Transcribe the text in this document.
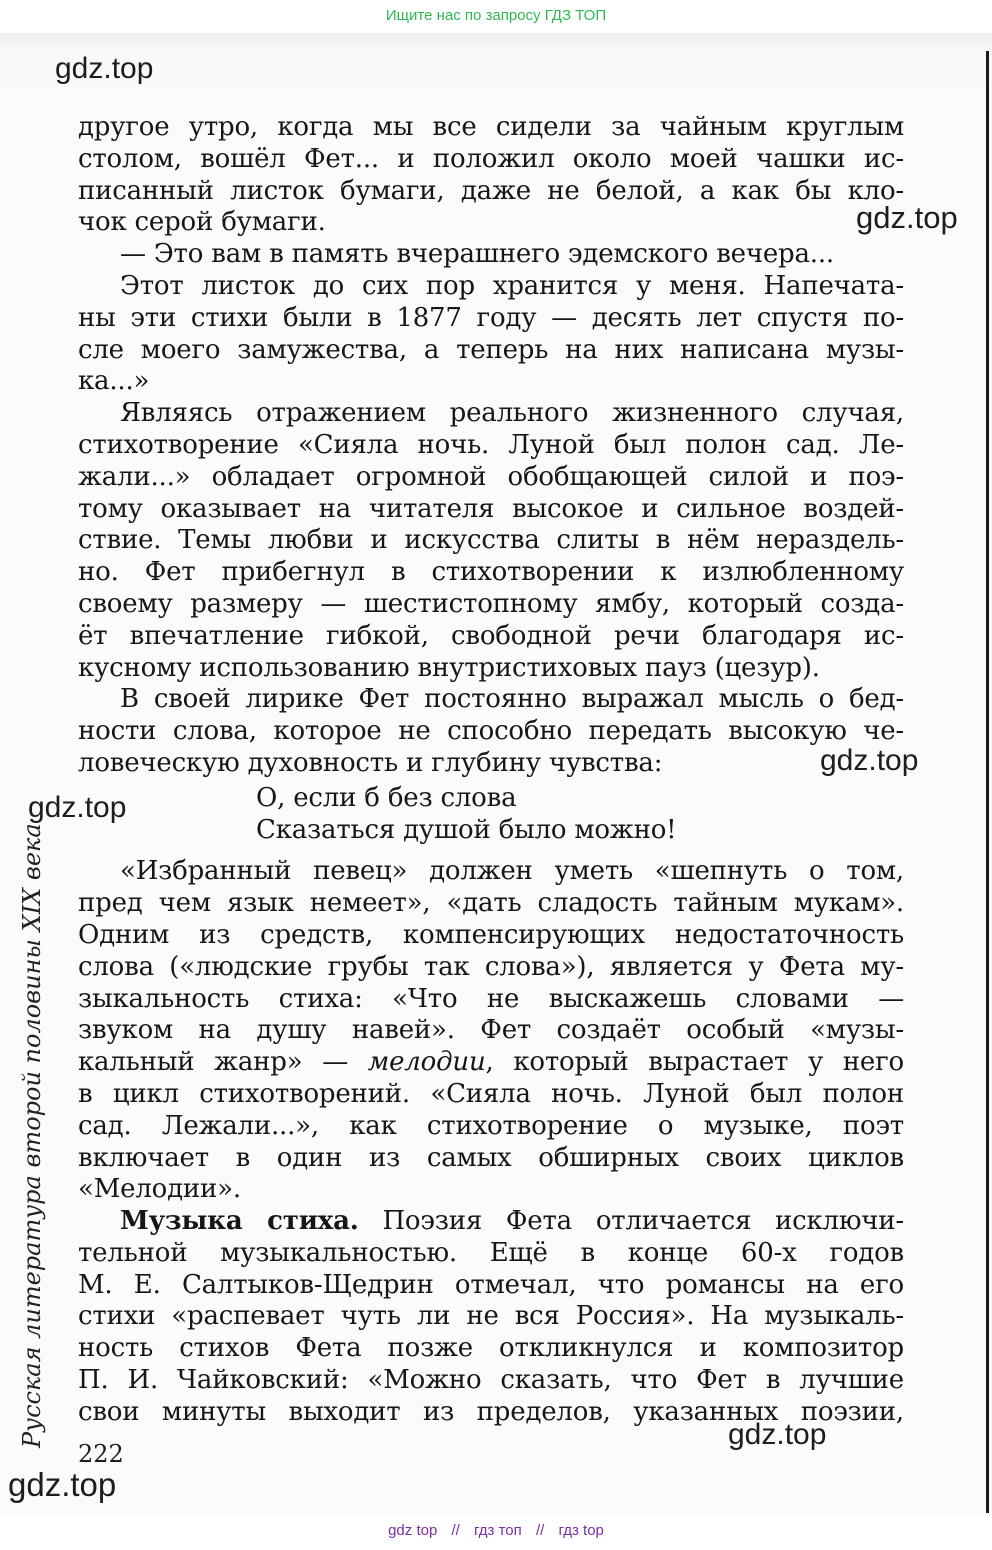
Ищите нас по запросу ГДЗ ТОП
gdz.top
gdz.top
gdz.top
gdz.top
gdz.top
gdz.top
другое утро, когда мы все сидели за чайным круглым
столом, вошёл Фет... и положил около моей чашки ис-
писанный листок бумаги, даже не белой, а как бы кло-
чок серой бумаги.
— Это вам в память вчерашнего эдемского вечера...
Этот листок до сих пор хранится у меня. Напечата-
ны эти стихи были в 1877 году — десять лет спустя по-
сле моего замужества, а теперь на них написана музы-
ка...»
Являясь отражением реального жизненного случая,
стихотворение «Сияла ночь. Луной был полон сад. Ле-
жали...» обладает огромной обобщающей силой и поэ-
тому оказывает на читателя высокое и сильное воздей-
ствие. Темы любви и искусства слиты в нём нераздель-
но. Фет прибегнул в стихотворении к излюбленному
своему размеру — шестистопному ямбу, который созда-
ёт впечатление гибкой, свободной речи благодаря ис-
кусному использованию внутристиховых пауз (цезур).
В своей лирике Фет постоянно выражал мысль о бед-
ности слова, которое не способно передать высокую че-
ловеческую духовность и глубину чувства:
О, если б без слова
Сказаться душой было можно!
«Избранный певец» должен уметь «шепнуть о том,
пред чем язык немеет», «дать сладость тайным мукам».
Одним из средств, компенсирующих недостаточность
слова («людские грубы так слова»), является у Фета му-
зыкальность стиха: «Что не выскажешь словами —
звуком на душу навей». Фет создаёт особый «музы-
кальный жанр» — мелодии, который вырастает у него
в цикл стихотворений. «Сияла ночь. Луной был полон
сад. Лежали...», как стихотворение о музыке, поэт
включает в один из самых обширных своих циклов
«Мелодии».
Музыка стиха. Поэзия Фета отличается исключи-
тельной музыкальностью. Ещё в конце 60-х годов
М. Е. Салтыков-Щедрин отмечал, что романсы на его
стихи «распевает чуть ли не вся Россия». На музыкаль-
ность стихов Фета позже откликнулся и композитор
П. И. Чайковский: «Можно сказать, что Фет в лучшие
свои минуты выходит из пределов, указанных поэзии,
Русская литература второй половины XIX века
222
gdz top // гдз топ // гдз top
